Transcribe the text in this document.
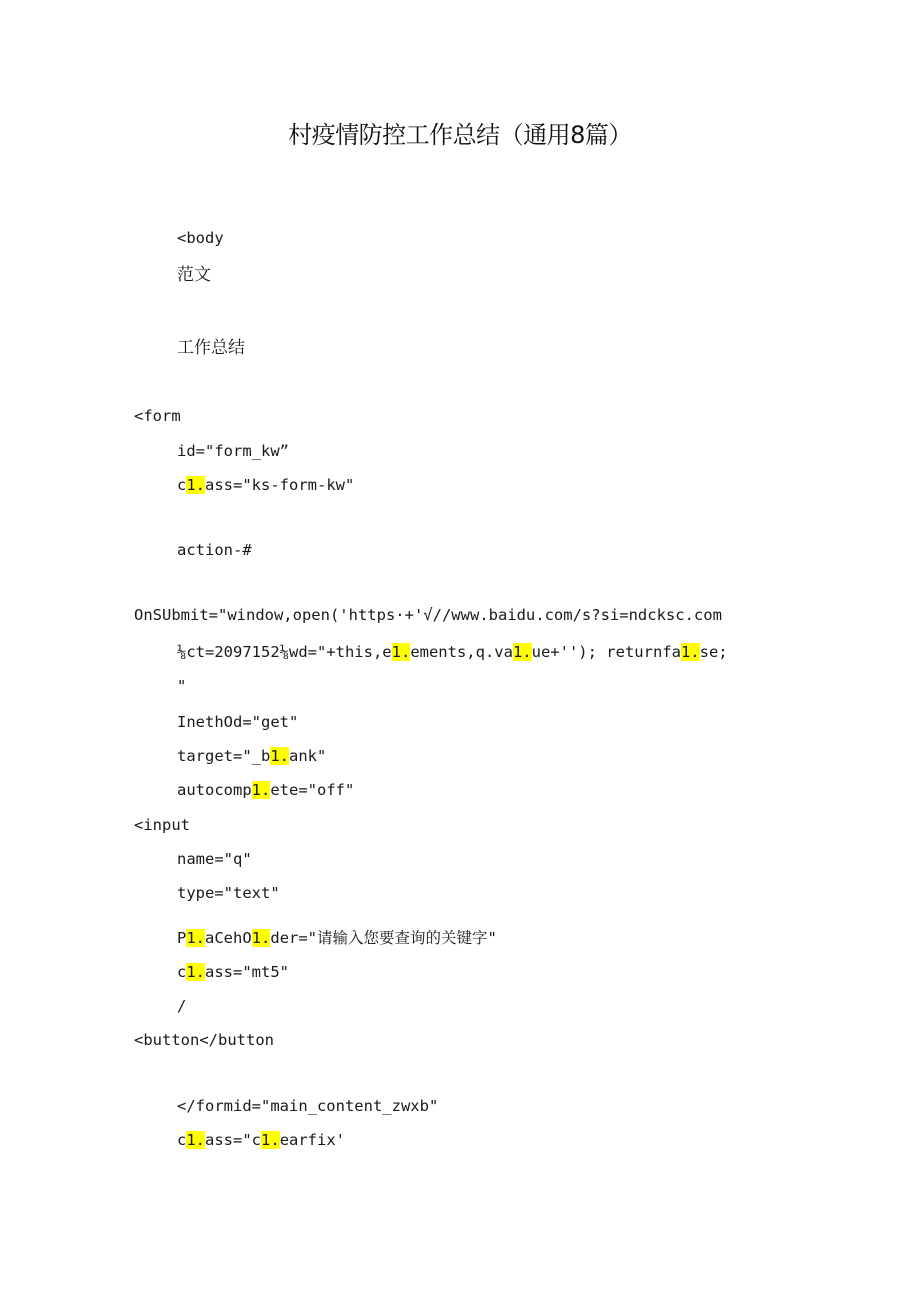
村疫情防控工作总结（通用8篇）
<body
范文
工作总结
<form
id="form_kw”
c1.ass="ks-form-kw"
action-#
OnSUbmit="window,open('https·+'√//www.baidu.com/s?si=ndcksc.com
⅛ct=2097152⅛wd="+this,e1.ements,q.va1.ue+''); returnfa1.se;
"
InethOd="get"
target="_b1.ank"
autocomp1.ete="off"
<input
name="q"
type="text"
P1.aCehO1.der="请输入您要查询的关键字"
c1.ass="mt5"
/
<button</button
</formid="main_content_zwxb"
c1.ass="c1.earfix'
